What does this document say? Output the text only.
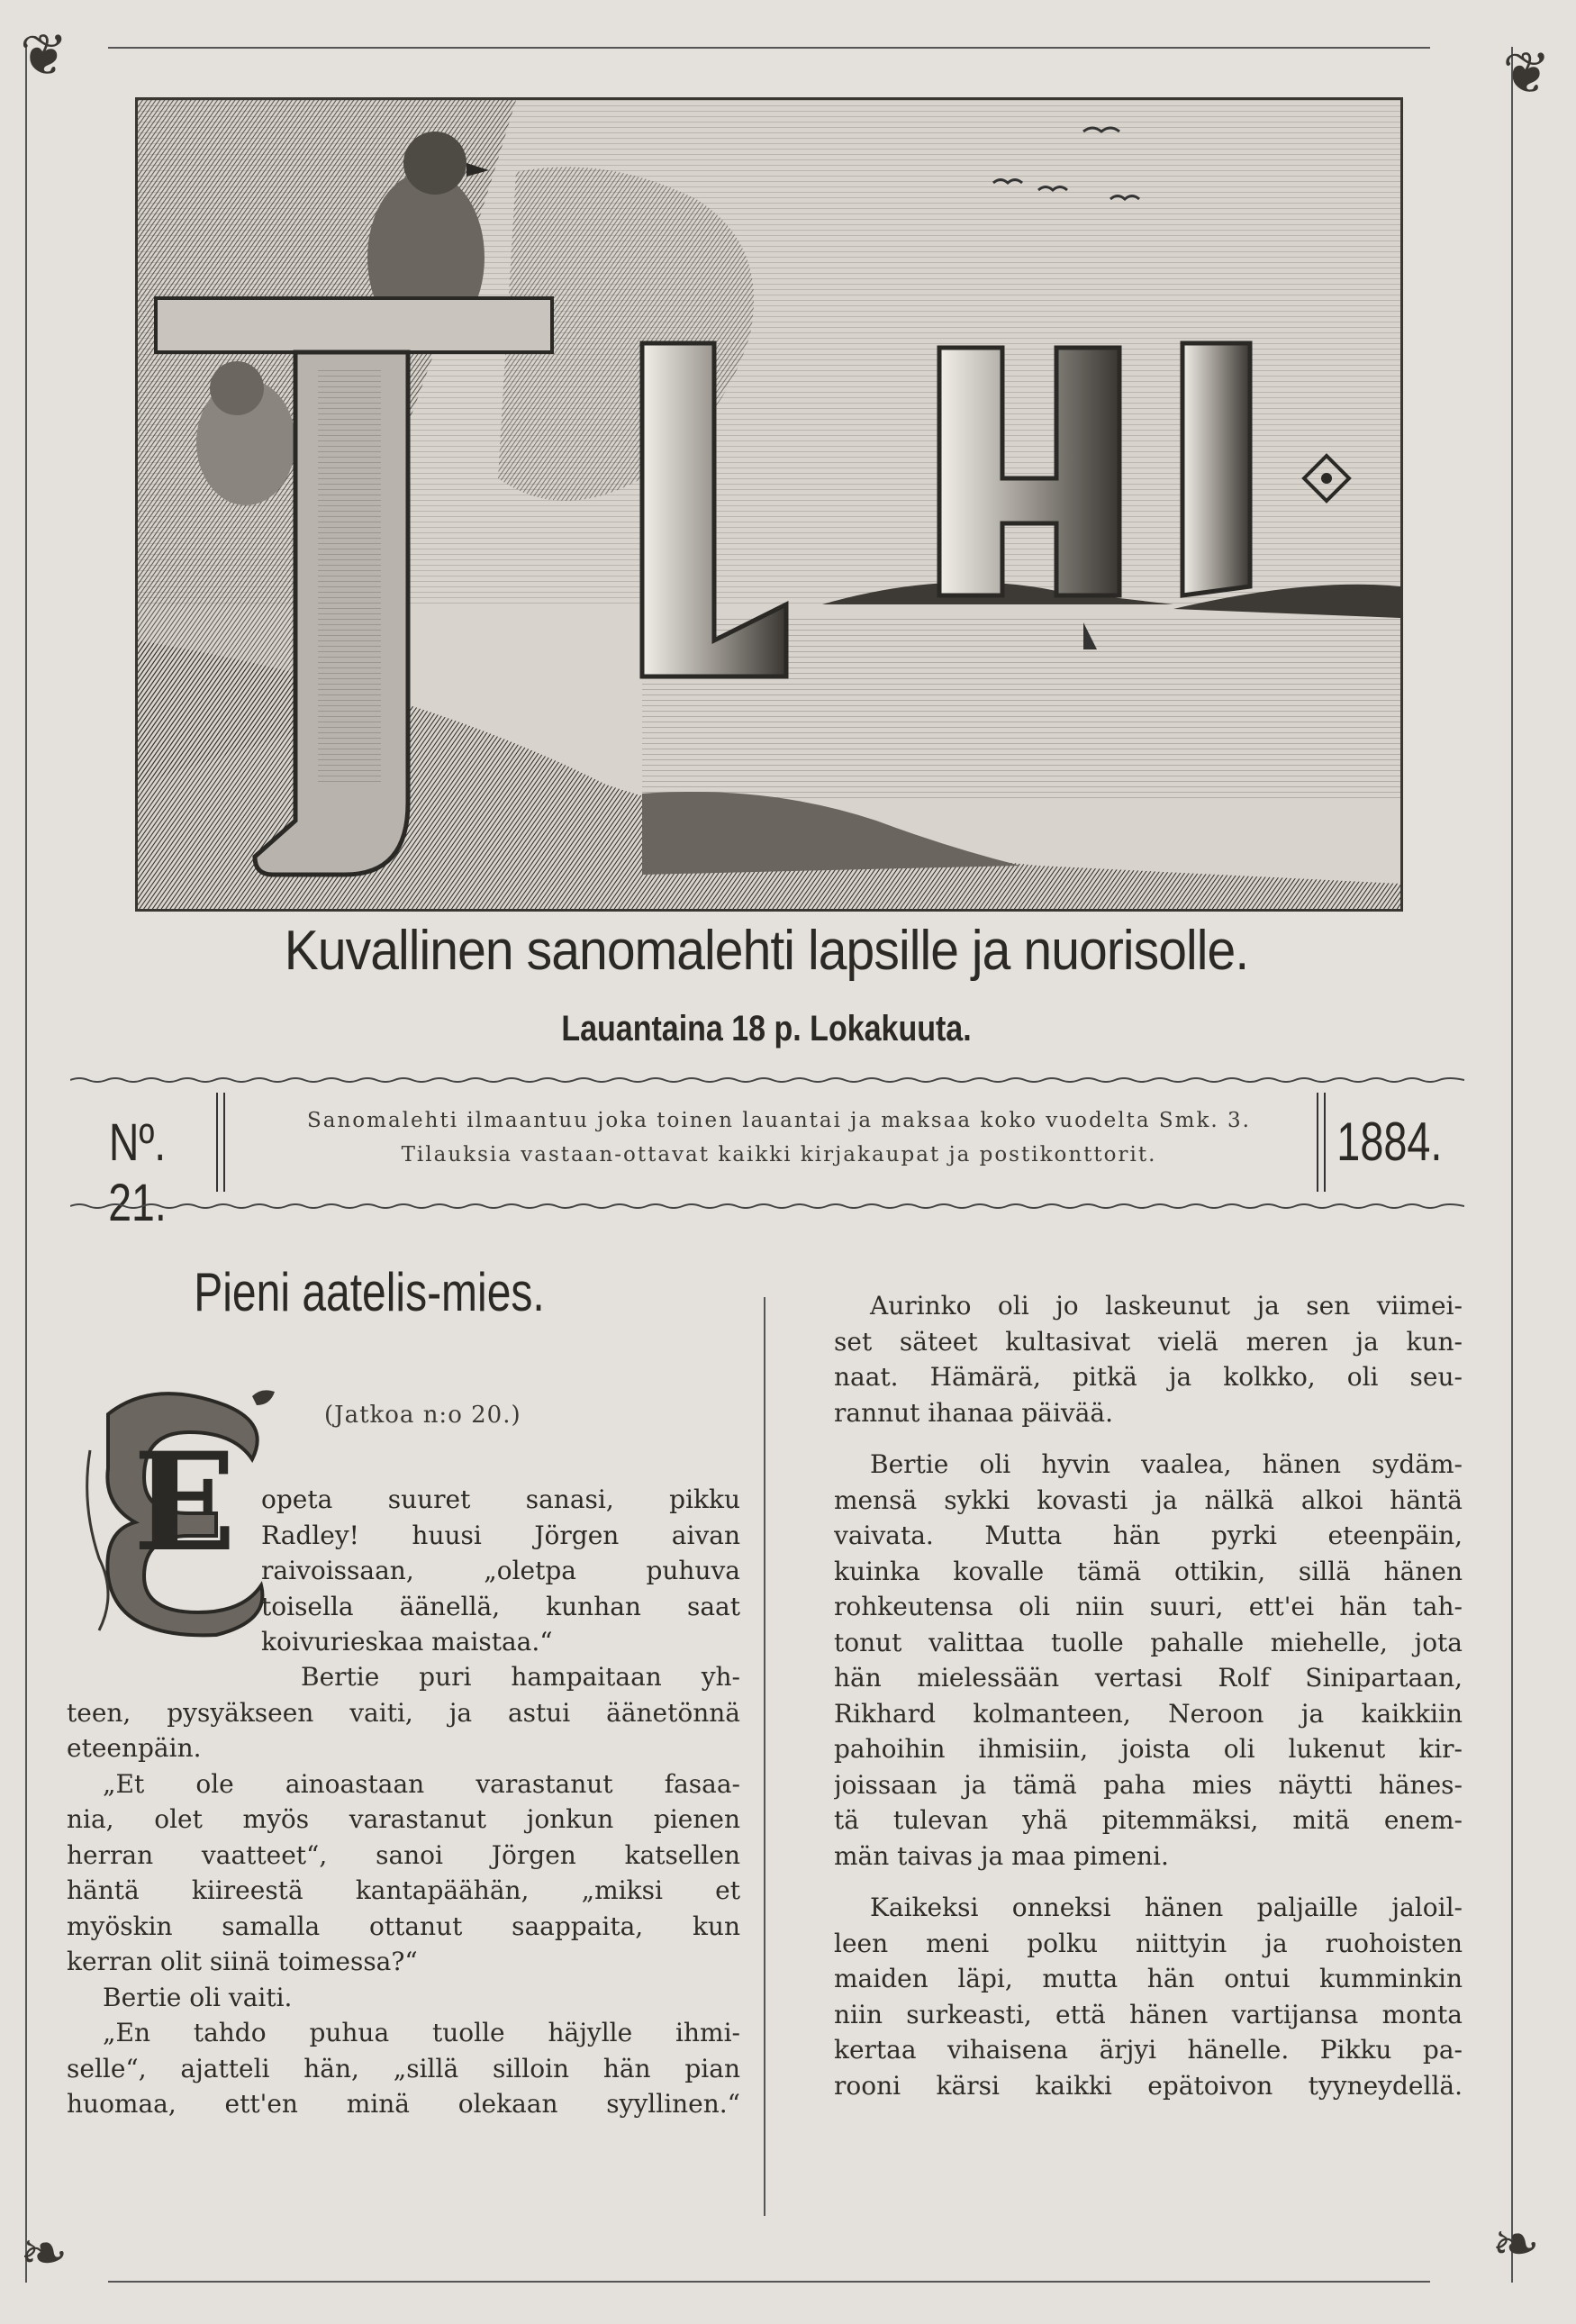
❦	❦
❧	❧
Kuvallinen sanomalehti lapsille ja nuorisolle.
Lauantaina 18 p. Lokakuuta.
Nº. 21.
Sanomalehti ilmaantuu joka toinen lauantai ja maksaa koko vuodelta Smk. 3.
Tilauksia vastaan-ottavat kaikki kirjakaupat ja postikonttorit.	1884.
Pieni aatelis-mies.
E
(Jatkoa n:o 20.)
opeta suuret sanasi, pikku
Radley! huusi Jörgen aivan
raivoissaan, „oletpa puhuva
toisella äänellä, kunhan saat
koivurieskaa maistaa.“
Bertie puri hampaitaan yh-
teen, pysyäkseen vaiti, ja astui äänetönnä
eteenpäin.
„Et ole ainoastaan varastanut fasaa-
nia, olet myös varastanut jonkun pienen
herran vaatteet“, sanoi Jörgen katsellen
häntä kiireestä kantapäähän, „miksi et
myöskin samalla ottanut saappaita, kun
kerran olit siinä toimessa?“
Bertie oli vaiti.
„En tahdo puhua tuolle häjylle ihmi-
selle“, ajatteli hän, „sillä silloin hän pian
huomaa, ett'en minä olekaan syyllinen.“
Aurinko oli jo laskeunut ja sen viimei-
set säteet kultasivat vielä meren ja kun-
naat. Hämärä, pitkä ja kolkko, oli seu-
rannut ihanaa päivää.
Bertie oli hyvin vaalea, hänen sydäm-
mensä sykki kovasti ja nälkä alkoi häntä
vaivata. Mutta hän pyrki eteenpäin,
kuinka kovalle tämä ottikin, sillä hänen
rohkeutensa oli niin suuri, ett'ei hän tah-
tonut valittaa tuolle pahalle miehelle, jota
hän mielessään vertasi Rolf Sinipartaan,
Rikhard kolmanteen, Neroon ja kaikkiin
pahoihin ihmisiin, joista oli lukenut kir-
joissaan ja tämä paha mies näytti hänes-
tä tulevan yhä pitemmäksi, mitä enem-
män taivas ja maa pimeni.
Kaikeksi onneksi hänen paljaille jaloil-
leen meni polku niittyin ja ruohoisten
maiden läpi, mutta hän ontui kumminkin
niin surkeasti, että hänen vartijansa monta
kertaa vihaisena ärjyi hänelle. Pikku pa-
rooni kärsi kaikki epätoivon tyyneydellä.
